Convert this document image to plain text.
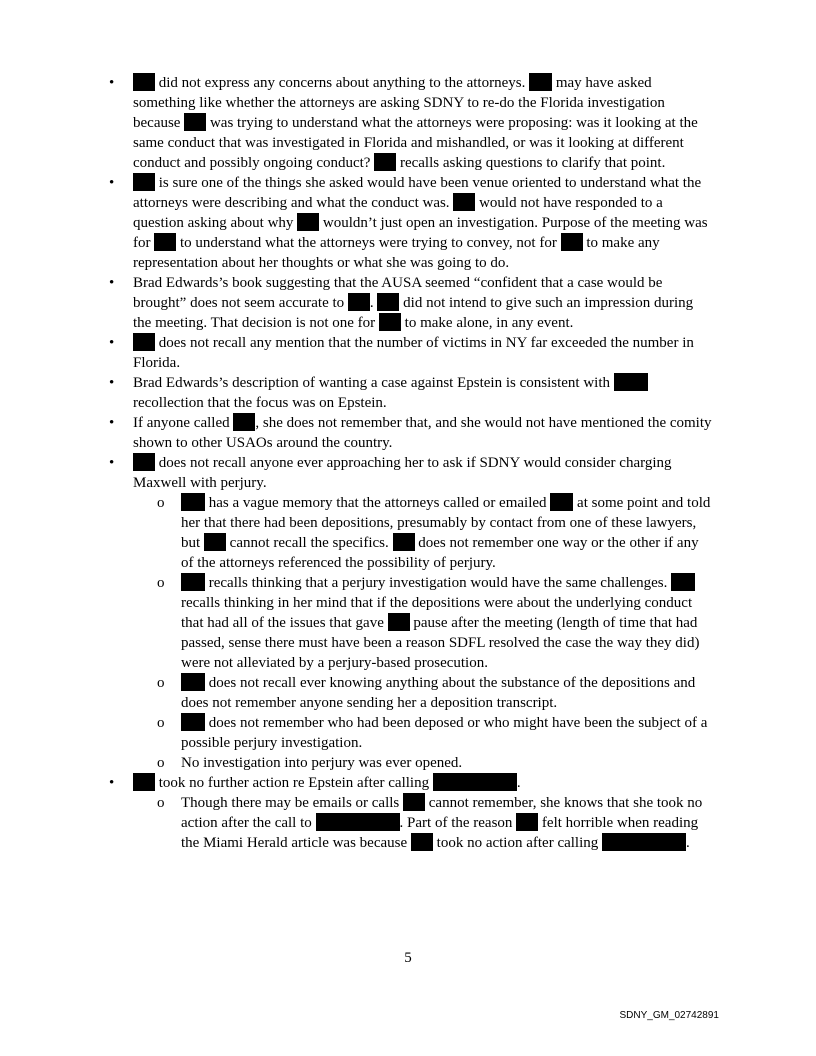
•	did not express any concerns about anything to the attorneys. may have asked something like whether the attorneys are asking SDNY to re-do the Florida investigation because was trying to understand what the attorneys were proposing: was it looking at the same conduct that was investigated in Florida and mishandled, or was it looking at different conduct and possibly ongoing conduct? recalls asking questions to clarify that point.
•	is sure one of the things she asked would have been venue oriented to understand what the attorneys were describing and what the conduct was. would not have responded to a question asking about why wouldn’t just open an investigation. Purpose of the meeting was for to understand what the attorneys were trying to convey, not for to make any representation about her thoughts or what she was going to do.
• Brad Edwards’s book suggesting that the AUSA seemed “confident that a case would be brought” does not seem accurate to . did not intend to give such an impression during the meeting. That decision is not one for to make alone, in any event.
•	does not recall any mention that the number of victims in NY far exceeded the number in Florida.
• Brad Edwards’s description of wanting a case against Epstein is consistent with  recollection that the focus was on Epstein.
• If anyone called , she does not remember that, and she would not have mentioned the comity shown to other USAOs around the country.
•	does not recall anyone ever approaching her to ask if SDNY would consider charging Maxwell with perjury.
o	has a vague memory that the attorneys called or emailed at some point and told her that there had been depositions, presumably by contact from one of these lawyers, but cannot recall the specifics. does not remember one way or the other if any of the attorneys referenced the possibility of perjury.
o	recalls thinking that a perjury investigation would have the same challenges.  recalls thinking in her mind that if the depositions were about the underlying conduct that had all of the issues that gave pause after the meeting (length of time that had passed, sense there must have been a reason SDFL resolved the case the way they did) were not alleviated by a perjury-based prosecution.
o	does not recall ever knowing anything about the substance of the depositions and does not remember anyone sending her a deposition transcript.
o	does not remember who had been deposed or who might have been the subject of a possible perjury investigation.
o No investigation into perjury was ever opened.
•	took no further action re Epstein after calling	.
o Though there may be emails or calls cannot remember, she knows that she took no action after the call to	. Part of the reason felt horrible when reading the Miami Herald article was because took no action after calling	.
5
SDNY_GM_02742891
